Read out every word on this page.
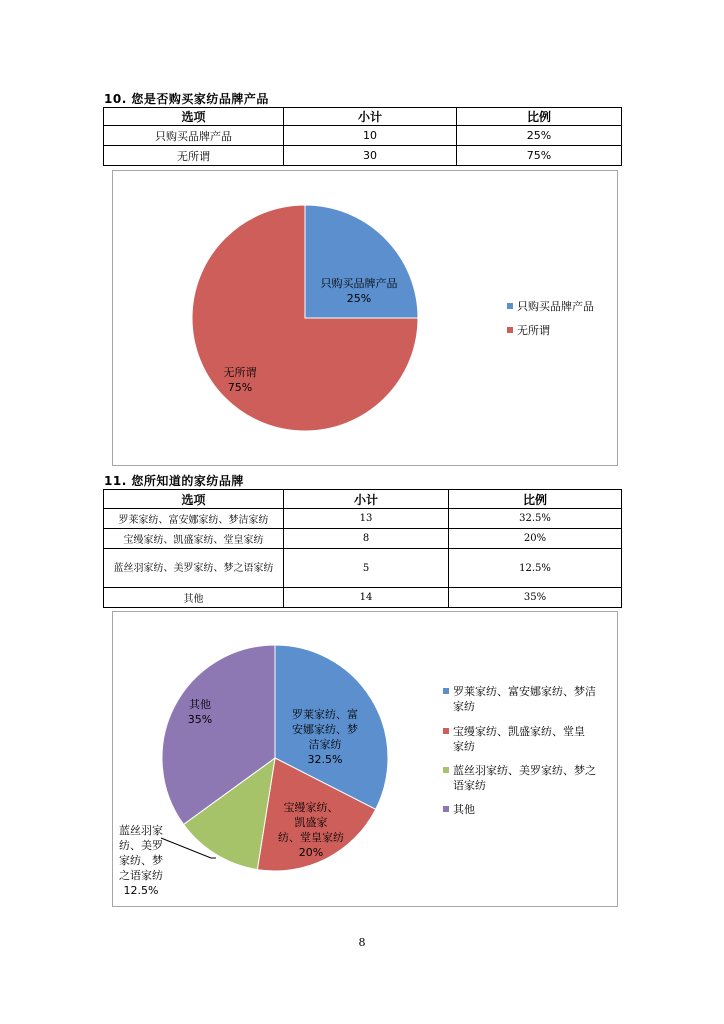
10. 您是否购买家纺品牌产品
选项	小计	比例
只购买品牌产品	10	25%
无所谓	30	75%
只购买品牌产品 25%
无所谓 75%
只购买品牌产品
无所谓
11. 您所知道的家纺品牌
选项	小计	比例
罗莱家纺、富安娜家纺、梦洁家纺	13	32.5%
宝缦家纺、凯盛家纺、堂皇家纺	8	20%
蓝丝羽家纺、美罗家纺、梦之语家纺	5	12.5%
其他	14	35%
罗莱家纺、富安娜家纺、梦洁家纺 32.5%
宝缦家纺、凯盛家纺、堂皇家纺 20%
蓝丝羽家纺、美罗家纺、梦之语家纺 12.5%
其他 35%
罗莱家纺、富安娜家纺、梦洁家纺
宝缦家纺、凯盛家纺、堂皇家纺
蓝丝羽家纺、美罗家纺、梦之语家纺
其他
8
